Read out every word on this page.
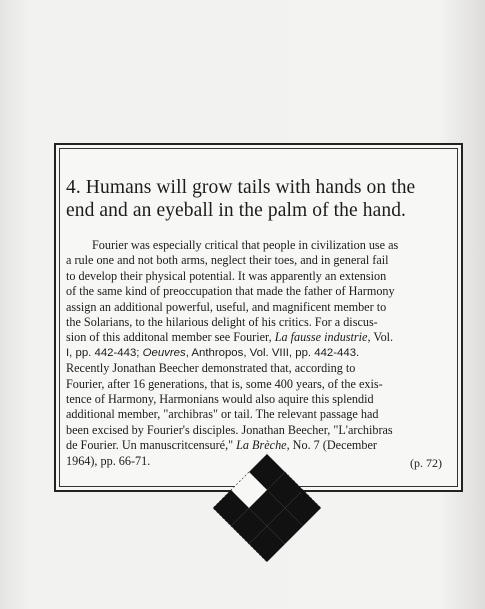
4. Humans will grow tails with hands on the
end and an eyeball in the palm of the hand.

Fourier was especially critical that people in civilization use as
a rule one and not both arms, neglect their toes, and in general fail
to develop their physical potential. It was apparently an extension
of the same kind of preoccupation that made the father of Harmony
assign an additional powerful, useful, and magnificent member to
the Solarians, to the hilarious delight of his critics. For a discus-
sion of this additonal member see Fourier, La fausse industrie, Vol.
I, pp. 442-443; Oeuvres, Anthropos, Vol. VIII, pp. 442-443.
Recently Jonathan Beecher demonstrated that, according to
Fourier, after 16 generations, that is, some 400 years, of the exis-
tence of Harmony, Harmonians would also aquire this splendid
additional member, "archibras" or tail. The relevant passage had
been excised by Fourier's disciples. Jonathan Beecher, "L'archibras
de Fourier. Un manuscritcensuré," La Brèche, No. 7 (December
1964), pp. 66-71.	(p. 72)
